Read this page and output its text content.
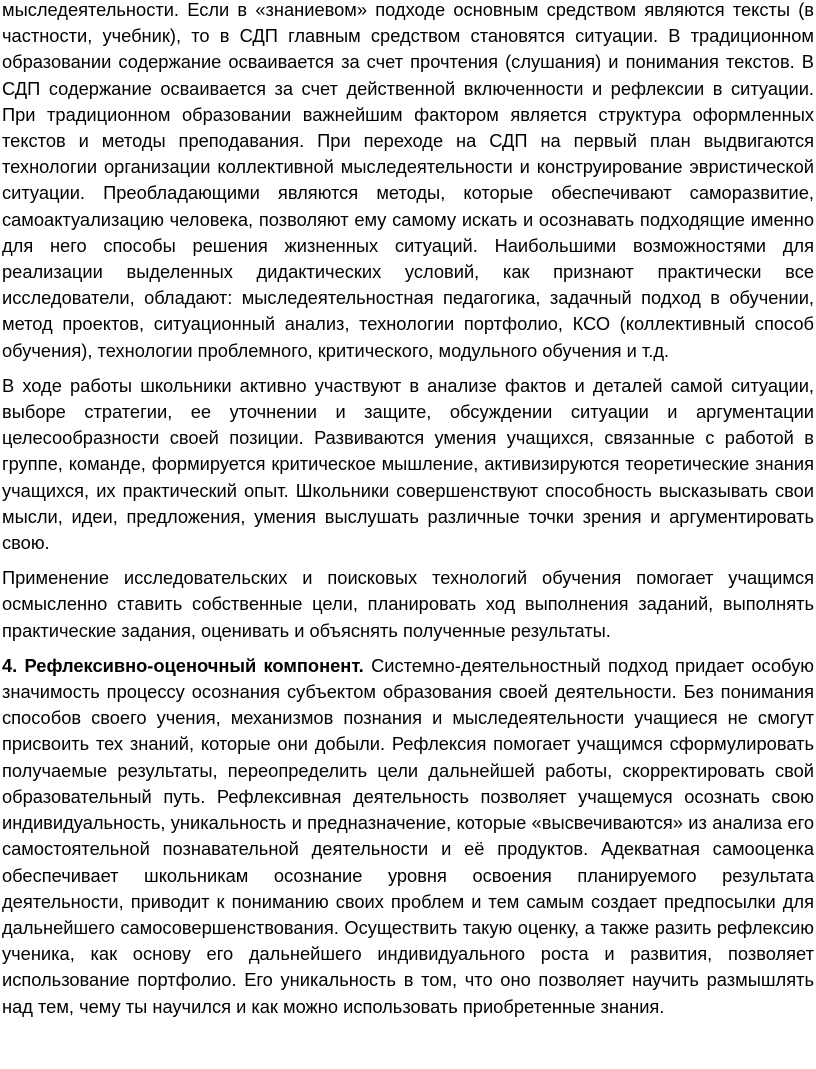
мыследеятельности. Если в «знаниевом» подходе основным средством являются тексты (в частности, учебник), то в СДП главным средством становятся ситуации. В традиционном образовании содержание осваивается за счет прочтения (слушания) и понимания текстов. В СДП содержание осваивается за счет действенной включенности и рефлексии в ситуации. При традиционном образовании важнейшим фактором является структура оформленных текстов и методы преподавания. При переходе на СДП на первый план выдвигаются технологии организации коллективной мыследеятельности и конструирование эвристической ситуации. Преобладающими являются методы, которые обеспечивают саморазвитие, самоактуализацию человека, позволяют ему самому искать и осознавать подходящие именно для него способы решения жизненных ситуаций. Наибольшими возможностями для реализации выделенных дидактических условий, как признают практически все исследователи, обладают: мыследеятельностная педагогика, задачный подход в обучении, метод проектов, ситуационный анализ, технологии портфолио, КСО (коллективный способ обучения), технологии проблемного, критического, модульного обучения и т.д.

В ходе работы школьники активно участвуют в анализе фактов и деталей самой ситуации, выборе стратегии, ее уточнении и защите, обсуждении ситуации и аргументации целесообразности своей позиции. Развиваются умения учащихся, связанные с работой в группе, команде, формируется критическое мышление, активизируются теоретические знания учащихся, их практический опыт. Школьники совершенствуют способность высказывать свои мысли, идеи, предложения, умения выслушать различные точки зрения и аргументировать свою.

Применение исследовательских и поисковых технологий обучения помогает учащимся осмысленно ставить собственные цели, планировать ход выполнения заданий, выполнять практические задания, оценивать и объяснять полученные результаты.

4. Рефлексивно-оценочный компонент. Системно-деятельностный подход придает особую значимость процессу осознания субъектом образования своей деятельности. Без понимания способов своего учения, механизмов познания и мыследеятельности учащиеся не смогут присвоить тех знаний, которые они добыли. Рефлексия помогает учащимся сформулировать получаемые результаты, переопределить цели дальнейшей работы, скорректировать свой образовательный путь. Рефлексивная деятельность позволяет учащемуся осознать свою индивидуальность, уникальность и предназначение, которые «высвечиваются» из анализа его самостоятельной познавательной деятельности и её продуктов. Адекватная самооценка обеспечивает школьникам осознание уровня освоения планируемого результата деятельности, приводит к пониманию своих проблем и тем самым создает предпосылки для дальнейшего самосовершенствования. Осуществить такую оценку, а также разить рефлексию ученика, как основу его дальнейшего индивидуального роста и развития, позволяет использование портфолио. Его уникальность в том, что оно позволяет научить размышлять над тем, чему ты научился и как можно использовать приобретенные знания.
